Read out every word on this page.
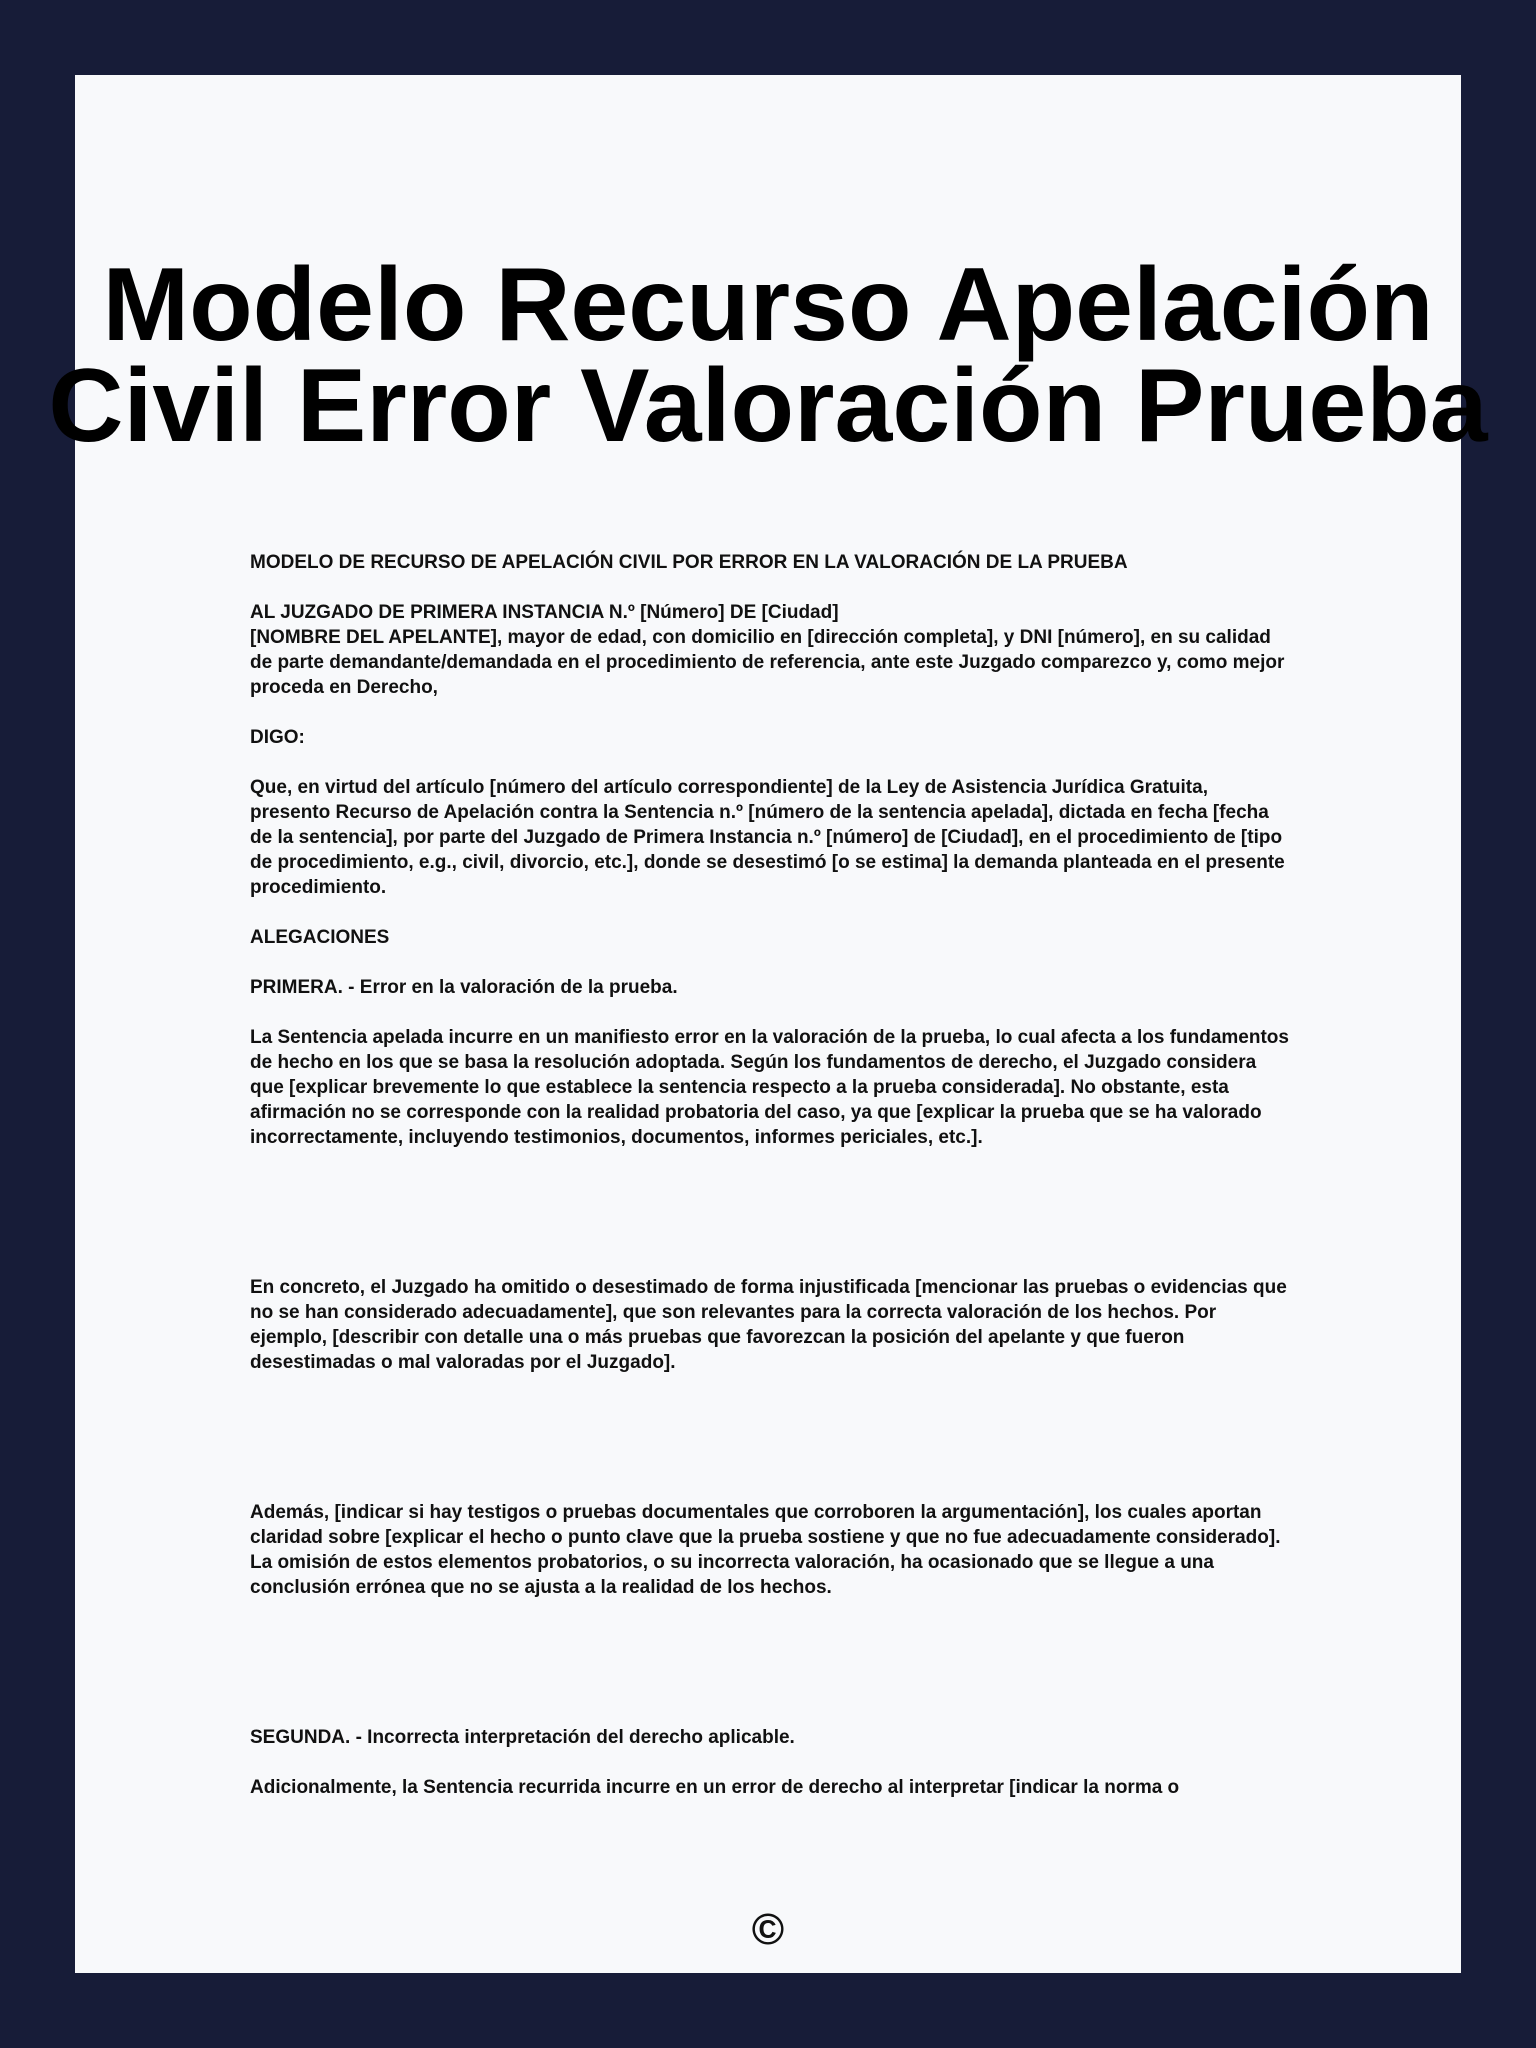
Modelo Recurso Apelación
Civil Error Valoración Prueba

MODELO DE RECURSO DE APELACIÓN CIVIL POR ERROR EN LA VALORACIÓN DE LA PRUEBA

AL JUZGADO DE PRIMERA INSTANCIA N.º [Número] DE [Ciudad]

[NOMBRE DEL APELANTE], mayor de edad, con domicilio en [dirección completa], y DNI [número], en su calidad de parte demandante/demandada en el procedimiento de referencia, ante este Juzgado comparezco y, como mejor proceda en Derecho,

DIGO:

Que, en virtud del artículo [número del artículo correspondiente] de la Ley de Asistencia Jurídica Gratuita, presento Recurso de Apelación contra la Sentencia n.º [número de la sentencia apelada], dictada en fecha [fecha de la sentencia], por parte del Juzgado de Primera Instancia n.º [número] de [Ciudad], en el procedimiento de [tipo de procedimiento, e.g., civil, divorcio, etc.], donde se desestimó [o se estima] la demanda planteada en el presente procedimiento.

ALEGACIONES

PRIMERA. - Error en la valoración de la prueba.

La Sentencia apelada incurre en un manifiesto error en la valoración de la prueba, lo cual afecta a los fundamentos de hecho en los que se basa la resolución adoptada. Según los fundamentos de derecho, el Juzgado considera que [explicar brevemente lo que establece la sentencia respecto a la prueba considerada]. No obstante, esta afirmación no se corresponde con la realidad probatoria del caso, ya que [explicar la prueba que se ha valorado incorrectamente, incluyendo testimonios, documentos, informes periciales, etc.].

En concreto, el Juzgado ha omitido o desestimado de forma injustificada [mencionar las pruebas o evidencias que no se han considerado adecuadamente], que son relevantes para la correcta valoración de los hechos. Por ejemplo, [describir con detalle una o más pruebas que favorezcan la posición del apelante y que fueron desestimadas o mal valoradas por el Juzgado].

Además, [indicar si hay testigos o pruebas documentales que corroboren la argumentación], los cuales aportan claridad sobre [explicar el hecho o punto clave que la prueba sostiene y que no fue adecuadamente considerado]. La omisión de estos elementos probatorios, o su incorrecta valoración, ha ocasionado que se llegue a una conclusión errónea que no se ajusta a la realidad de los hechos.

SEGUNDA. - Incorrecta interpretación del derecho aplicable.

Adicionalmente, la Sentencia recurrida incurre en un error de derecho al interpretar [indicar la norma o

©
